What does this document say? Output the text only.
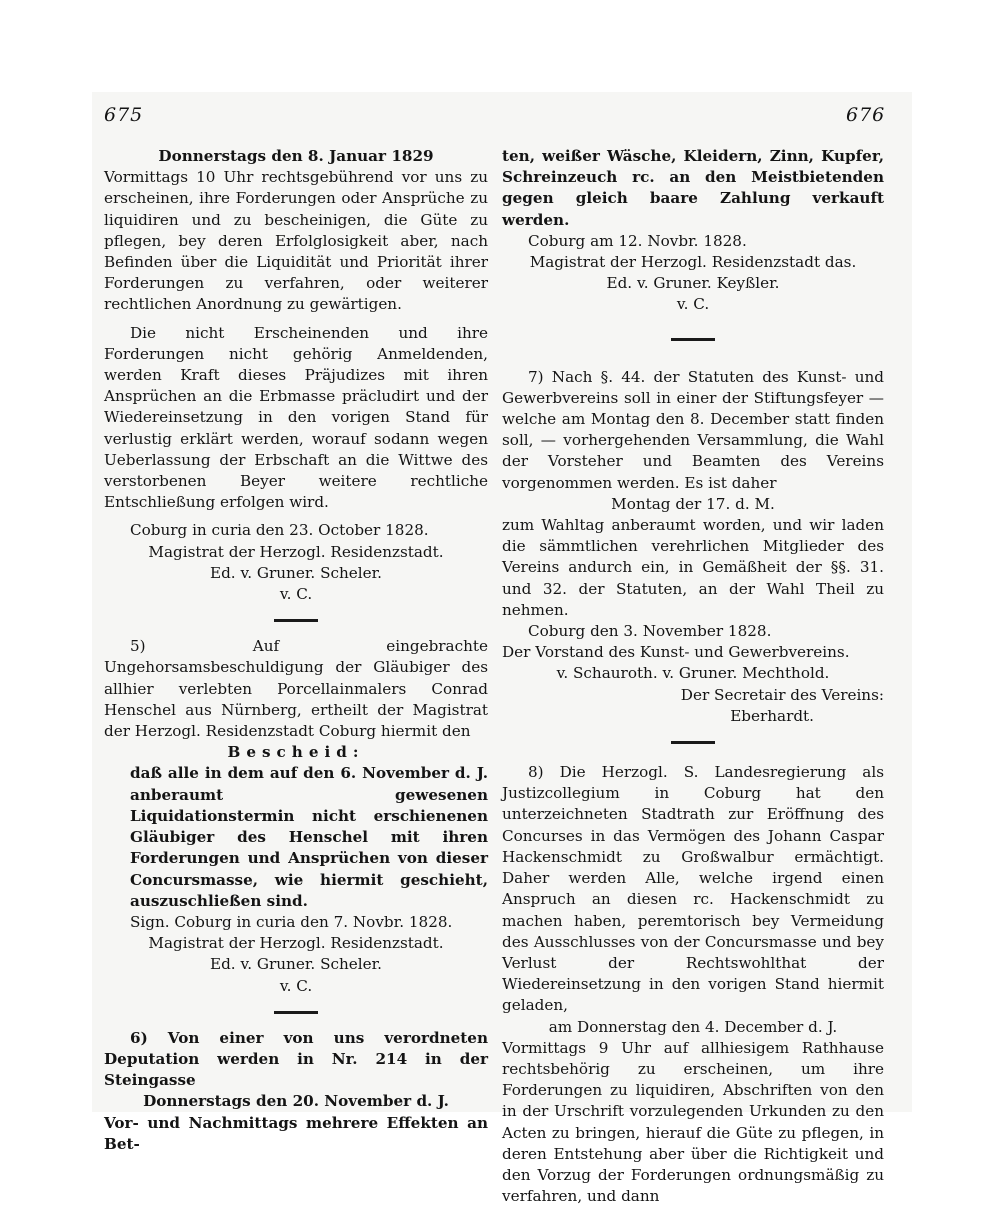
675	676

Donnerstags den 8. Januar 1829

Vormittags 10 Uhr rechtsgebührend vor uns zu erscheinen, ihre Forderungen oder Ansprüche zu liquidiren und zu bescheinigen, die Güte zu pflegen, bey deren Erfolglosigkeit aber, nach Befinden über die Liquidität und Priorität ihrer Forderungen zu verfahren, oder weiterer rechtlichen Anordnung zu gewärtigen.

Die nicht Erscheinenden und ihre Forderungen nicht gehörig Anmeldenden, werden Kraft dieses Präjudizes mit ihren Ansprüchen an die Erbmasse präcludirt und der Wiedereinsetzung in den vorigen Stand für verlustig erklärt werden, worauf sodann wegen Ueberlassung der Erbschaft an die Wittwe des verstorbenen Beyer weitere rechtliche Entschließung erfolgen wird.

Coburg in curia den 23. October 1828.

Magistrat der Herzogl. Residenzstadt.

Ed. v. Gruner. Scheler.

v. C.

5) Auf eingebrachte Ungehorsamsbeschuldigung der Gläubiger des allhier verlebten Porcellainmalers Conrad Henschel aus Nürnberg, ertheilt der Magistrat der Herzogl. Residenzstadt Coburg hiermit den

Bescheid:

daß alle in dem auf den 6. November d. J. anberaumt gewesenen Liquidationstermin nicht erschienenen Gläubiger des Henschel mit ihren Forderungen und Ansprüchen von dieser Concursmasse, wie hiermit geschieht, auszuschließen sind.

Sign. Coburg in curia den 7. Novbr. 1828.

Magistrat der Herzogl. Residenzstadt.

Ed. v. Gruner. Scheler.

v. C.

6) Von einer von uns verordneten Deputation werden in Nr. 214 in der Steingasse

Donnerstags den 20. November d. J.

Vor- und Nachmittags mehrere Effekten an Bet-

ten, weißer Wäsche, Kleidern, Zinn, Kupfer, Schreinzeuch rc. an den Meistbietenden gegen gleich baare Zahlung verkauft werden.

Coburg am 12. Novbr. 1828.

Magistrat der Herzogl. Residenzstadt das.

Ed. v. Gruner. Keyßler.

v. C.

7) Nach §. 44. der Statuten des Kunst- und Gewerbvereins soll in einer der Stiftungsfeyer — welche am Montag den 8. December statt finden soll, — vorhergehenden Versammlung, die Wahl der Vorsteher und Beamten des Vereins vorgenommen werden. Es ist daher

Montag der 17. d. M.

zum Wahltag anberaumt worden, und wir laden die sämmtlichen verehrlichen Mitglieder des Vereins andurch ein, in Gemäßheit der §§. 31. und 32. der Statuten, an der Wahl Theil zu nehmen.

Coburg den 3. November 1828.

Der Vorstand des Kunst- und Gewerbvereins.

v. Schauroth. v. Gruner. Mechthold.

Der Secretair des Vereins:

Eberhardt.

8) Die Herzogl. S. Landesregierung als Justizcollegium in Coburg hat den unterzeichneten Stadtrath zur Eröffnung des Concurses in das Vermögen des Johann Caspar Hackenschmidt zu Großwalbur ermächtigt. Daher werden Alle, welche irgend einen Anspruch an diesen rc. Hackenschmidt zu machen haben, peremtorisch bey Vermeidung des Ausschlusses von der Concursmasse und bey Verlust der Rechtswohlthat der Wiedereinsetzung in den vorigen Stand hiermit geladen,

am Donnerstag den 4. December d. J.

Vormittags 9 Uhr auf allhiesigem Rathhause rechtsbehörig zu erscheinen, um ihre Forderungen zu liquidiren, Abschriften von den in der Urschrift vorzulegenden Urkunden zu den Acten zu bringen, hierauf die Güte zu pflegen, in deren Entstehung aber über die Richtigkeit und den Vorzug der Forderungen ordnungsmäßig zu verfahren, und dann
